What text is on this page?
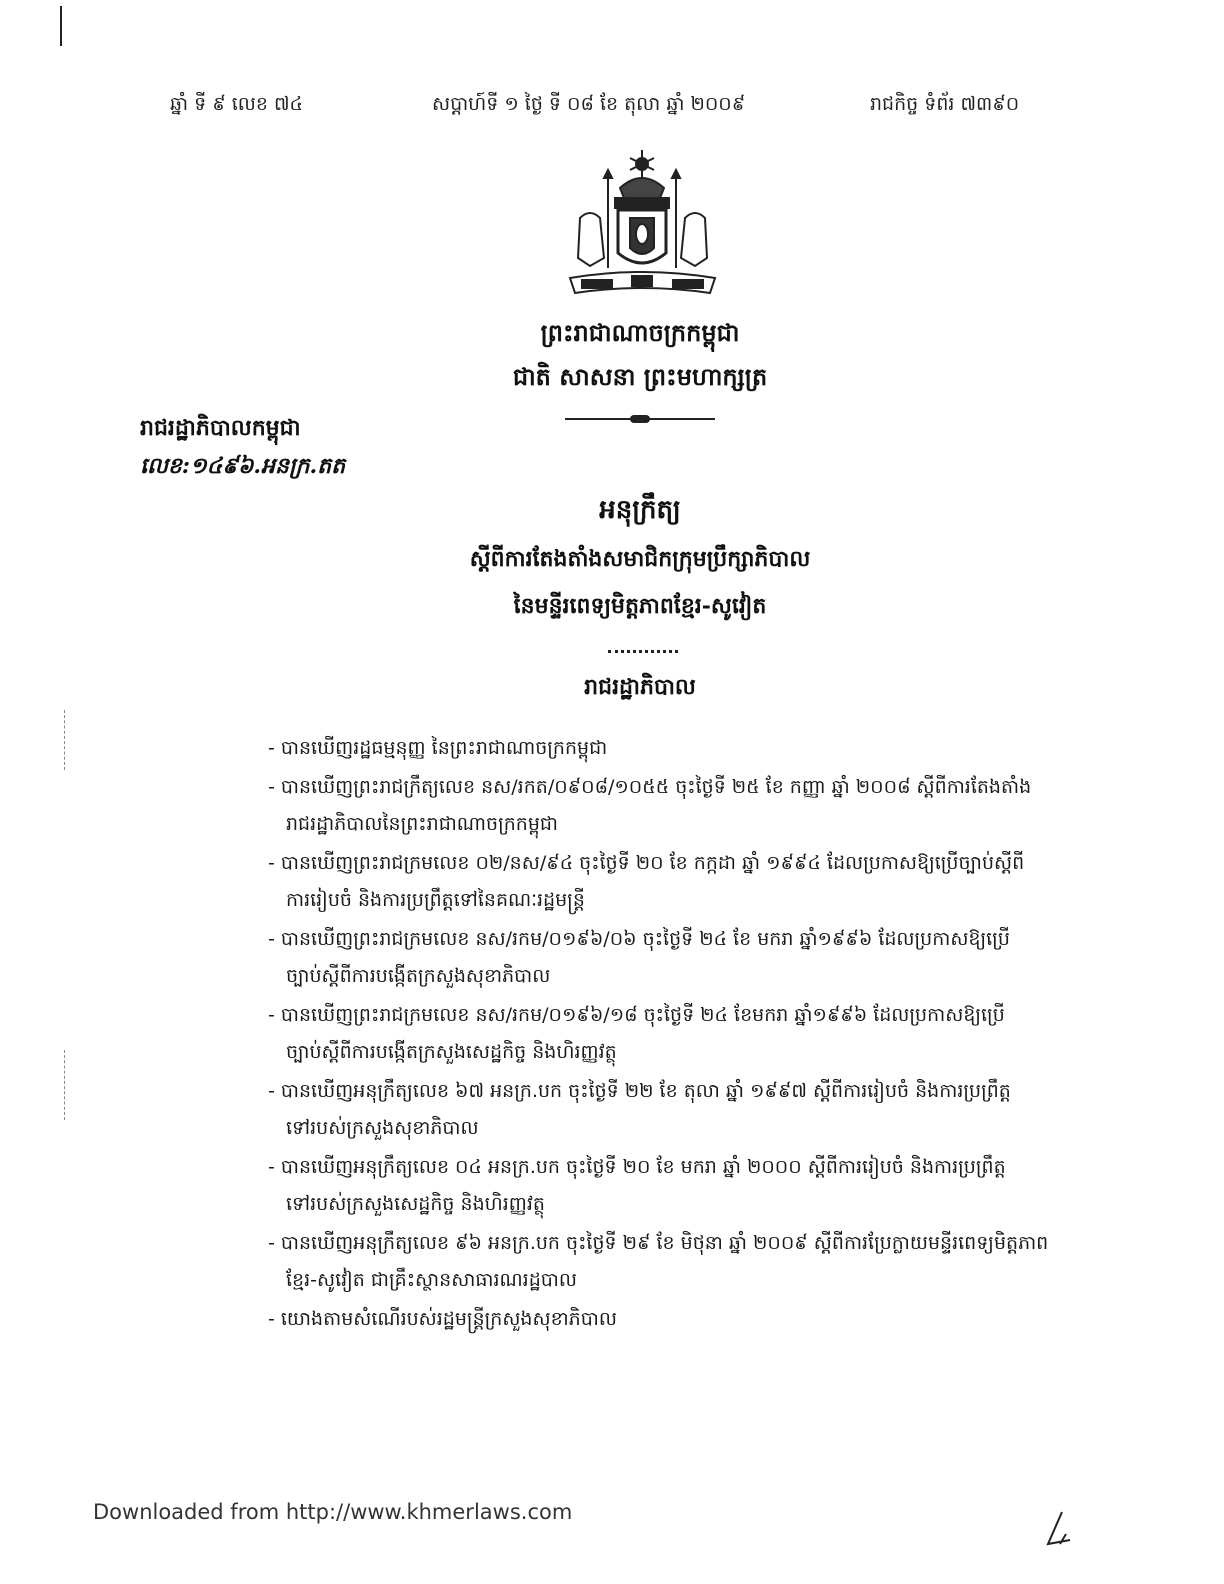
ឆ្នាំ ទី ៩ លេខ ៧៤	សប្តាហ៍ទី ១ ថ្ងៃ ទី ០៨ ខែ តុលា ឆ្នាំ ២០០៩	រាជកិច្ច ទំព័រ ៧៣៩០
ព្រះរាជាណាចក្រកម្ពុជា
ជាតិ សាសនា ព្រះមហាក្សត្រ
រាជរដ្ឋាភិបាលកម្ពុជា
លេខ:១៤៩៦.អនក្រ.តត
អនុក្រឹត្យ
ស្តីពីការតែងតាំងសមាជិកក្រុមប្រឹក្សាភិបាល
នៃមន្ទីរពេទ្យមិត្តភាពខ្មែរ-សូវៀត
រាជរដ្ឋាភិបាល
- បានឃើញរដ្ឋធម្មនុញ្ញ នៃព្រះរាជាណាចក្រកម្ពុជា
- បានឃើញព្រះរាជក្រឹត្យលេខ នស/រកត/០៩០៨/១០៥៥ ចុះថ្ងៃទី ២៥ ខែ កញ្ញា ឆ្នាំ ២០០៨ ស្តីពីការតែងតាំង
រាជរដ្ឋាភិបាលនៃព្រះរាជាណាចក្រកម្ពុជា
- បានឃើញព្រះរាជក្រមលេខ ០២/នស/៩៤ ចុះថ្ងៃទី ២០ ខែ កក្កដា ឆ្នាំ ១៩៩៤ ដែលប្រកាសឱ្យប្រើច្បាប់ស្តីពី
ការរៀបចំ និងការប្រព្រឹត្តទៅនៃគណៈរដ្ឋមន្ត្រី
- បានឃើញព្រះរាជក្រមលេខ នស/រកម/០១៩៦/០៦ ចុះថ្ងៃទី ២៤ ខែ មករា ឆ្នាំ១៩៩៦ ដែលប្រកាសឱ្យប្រើ
ច្បាប់ស្តីពីការបង្កើតក្រសួងសុខាភិបាល
- បានឃើញព្រះរាជក្រមលេខ នស/រកម/០១៩៦/១៨ ចុះថ្ងៃទី ២៤ ខែមករា ឆ្នាំ១៩៩៦ ដែលប្រកាសឱ្យប្រើ
ច្បាប់ស្តីពីការបង្កើតក្រសួងសេដ្ឋកិច្ច និងហិរញ្ញវត្ថុ
- បានឃើញអនុក្រឹត្យលេខ ៦៧ អនក្រ.បក ចុះថ្ងៃទី ២២ ខែ តុលា ឆ្នាំ ១៩៩៧ ស្តីពីការរៀបចំ និងការប្រព្រឹត្ត
ទៅរបស់ក្រសួងសុខាភិបាល
- បានឃើញអនុក្រឹត្យលេខ ០៤ អនក្រ.បក ចុះថ្ងៃទី ២០ ខែ មករា ឆ្នាំ ២០០០ ស្តីពីការរៀបចំ និងការប្រព្រឹត្ត
ទៅរបស់ក្រសួងសេដ្ឋកិច្ច និងហិរញ្ញវត្ថុ
- បានឃើញអនុក្រឹត្យលេខ ៩៦ អនក្រ.បក ចុះថ្ងៃទី ២៩ ខែ មិថុនា ឆ្នាំ ២០០៩ ស្តីពីការប្រែក្លាយមន្ទីរពេទ្យមិត្តភាព
ខ្មែរ-សូវៀត ជាគ្រឹះស្ថានសាធារណរដ្ឋបាល
- យោងតាមសំណើរបស់រដ្ឋមន្ត្រីក្រសួងសុខាភិបាល
Downloaded from http://www.khmerlaws.com
